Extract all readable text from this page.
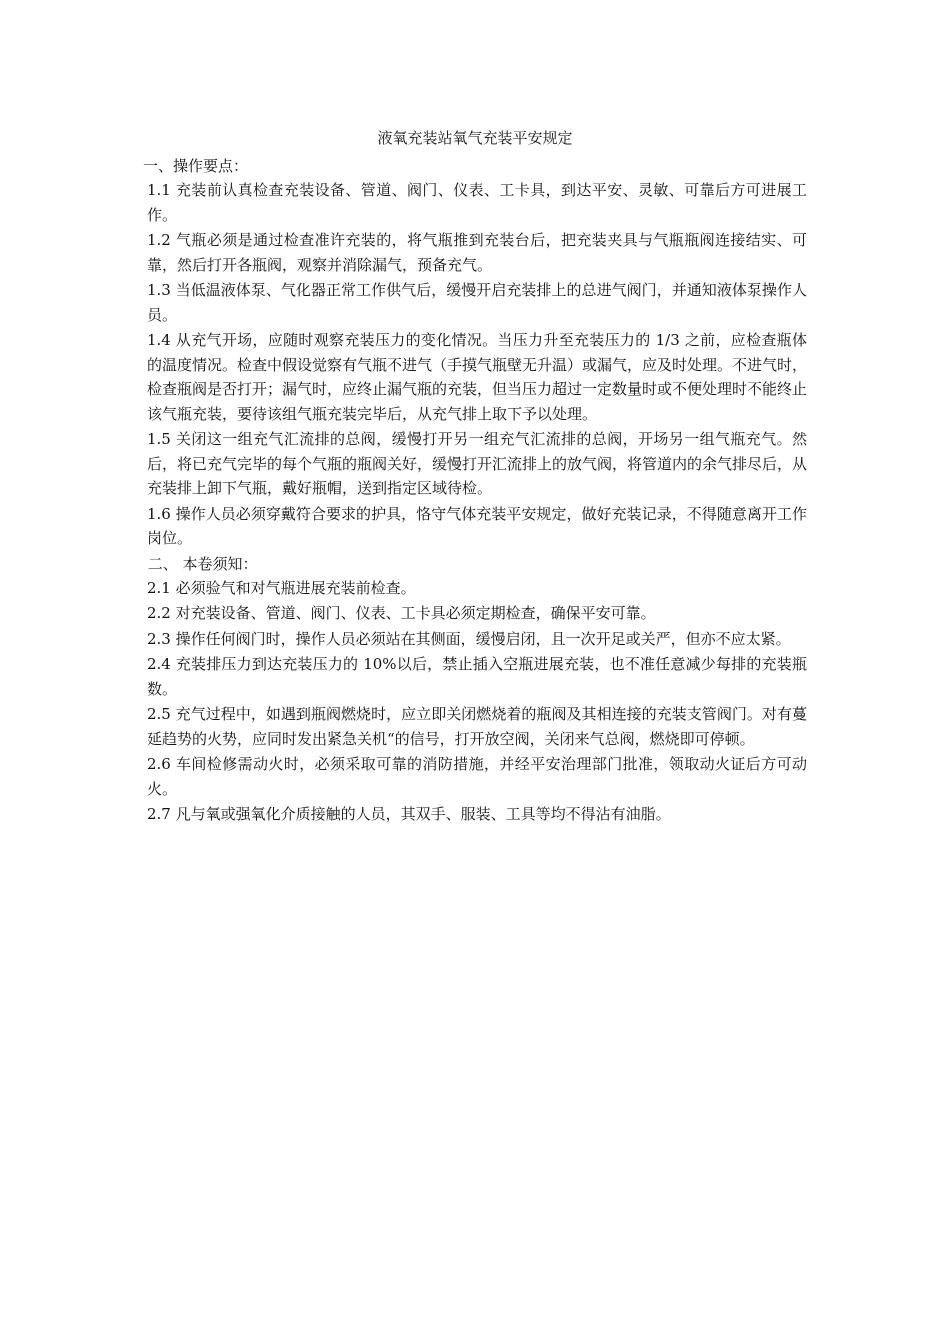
液氧充装站氧气充装平安规定

一、操作要点：

1.1 充装前认真检查充装设备、管道、阀门、仪表、工卡具，到达平安、灵敏、可靠后方可进展工作。

1.2 气瓶必须是通过检查准许充装的，将气瓶推到充装台后，把充装夹具与气瓶瓶阀连接结实、可靠，然后打开各瓶阀，观察并消除漏气，预备充气。

1.3 当低温液体泵、气化器正常工作供气后，缓慢开启充装排上的总进气阀门，并通知液体泵操作人员。

1.4 从充气开场，应随时观察充装压力的变化情况。当压力升至充装压力的 1/3 之前，应检查瓶体的温度情况。检查中假设觉察有气瓶不进气（手摸气瓶壁无升温）或漏气，应及时处理。不进气时，检查瓶阀是否打开；漏气时，应终止漏气瓶的充装，但当压力超过一定数量时或不便处理时不能终止该气瓶充装，要待该组气瓶充装完毕后，从充气排上取下予以处理。

1.5 关闭这一组充气汇流排的总阀，缓慢打开另一组充气汇流排的总阀，开场另一组气瓶充气。然后，将已充气完毕的每个气瓶的瓶阀关好，缓慢打开汇流排上的放气阀，将管道内的余气排尽后，从充装排上卸下气瓶，戴好瓶帽，送到指定区域待检。

1.6 操作人员必须穿戴符合要求的护具，恪守气体充装平安规定，做好充装记录，不得随意离开工作岗位。

二、 本卷须知：

2.1 必须验气和对气瓶进展充装前检查。

2.2 对充装设备、管道、阀门、仪表、工卡具必须定期检查，确保平安可靠。

2.3 操作任何阀门时，操作人员必须站在其侧面，缓慢启闭，且一次开足或关严，但亦不应太紧。

2.4 充装排压力到达充装压力的 10%以后，禁止插入空瓶进展充装，也不准任意减少每排的充装瓶数。

2.5 充气过程中，如遇到瓶阀燃烧时，应立即关闭燃烧着的瓶阀及其相连接的充装支管阀门。对有蔓延趋势的火势，应同时发出紧急关机“的信号，打开放空阀，关闭来气总阀，燃烧即可停顿。

2.6 车间检修需动火时，必须采取可靠的消防措施，并经平安治理部门批准，领取动火证后方可动火。

2.7 凡与氧或强氧化介质接触的人员，其双手、服装、工具等均不得沾有油脂。
